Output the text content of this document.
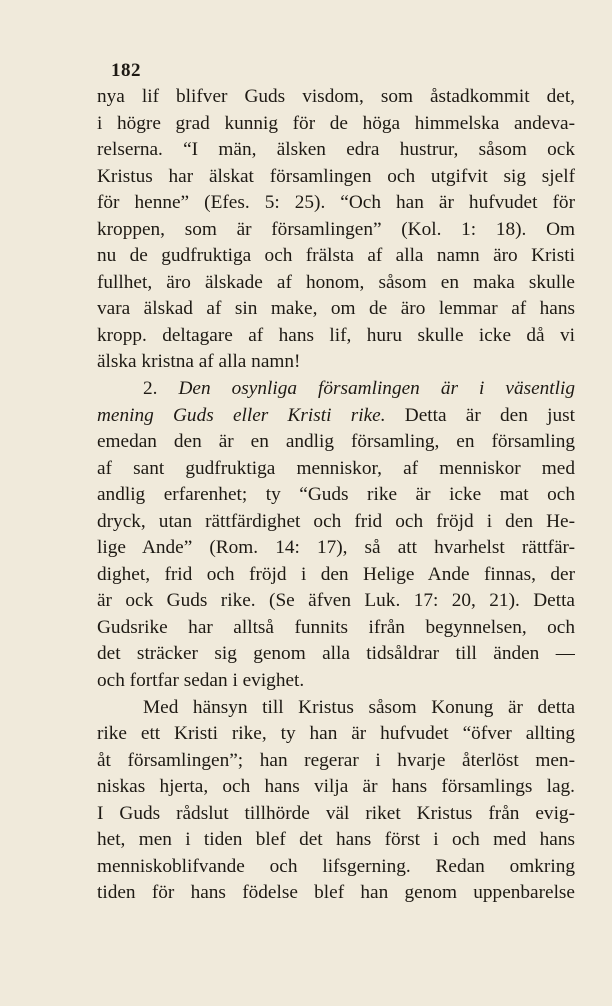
182
nya lif blifver Guds visdom, som åstadkommit det,
i högre grad kunnig för de höga himmelska andeva-
relserna. “I män, älsken edra hustrur, såsom ock
Kristus har älskat församlingen och utgifvit sig sjelf
för henne” (Efes. 5: 25). “Och han är hufvudet för
kroppen, som är församlingen” (Kol. 1: 18). Om
nu de gudfruktiga och frälsta af alla namn äro Kristi
fullhet, äro älskade af honom, såsom en maka skulle
vara älskad af sin make, om de äro lemmar af hans
kropp. deltagare af hans lif, huru skulle icke då vi
älska kristna af alla namn!
2. Den osynliga församlingen är i väsentlig
mening Guds eller Kristi rike. Detta är den just
emedan den är en andlig församling, en församling
af sant gudfruktiga menniskor, af menniskor med
andlig erfarenhet; ty “Guds rike är icke mat och
dryck, utan rättfärdighet och frid och fröjd i den He-
lige Ande” (Rom. 14: 17), så att hvarhelst rättfär-
dighet, frid och fröjd i den Helige Ande finnas, der
är ock Guds rike. (Se äfven Luk. 17: 20, 21). Detta
Gudsrike har alltså funnits ifrån begynnelsen, och
det sträcker sig genom alla tidsåldrar till änden —
och fortfar sedan i evighet.
Med hänsyn till Kristus såsom Konung är detta
rike ett Kristi rike, ty han är hufvudet “öfver allting
åt församlingen”; han regerar i hvarje återlöst men-
niskas hjerta, och hans vilja är hans församlings lag.
I Guds rådslut tillhörde väl riket Kristus från evig-
het, men i tiden blef det hans först i och med hans
menniskoblifvande och lifsgerning. Redan omkring
tiden för hans födelse blef han genom uppenbarelse
